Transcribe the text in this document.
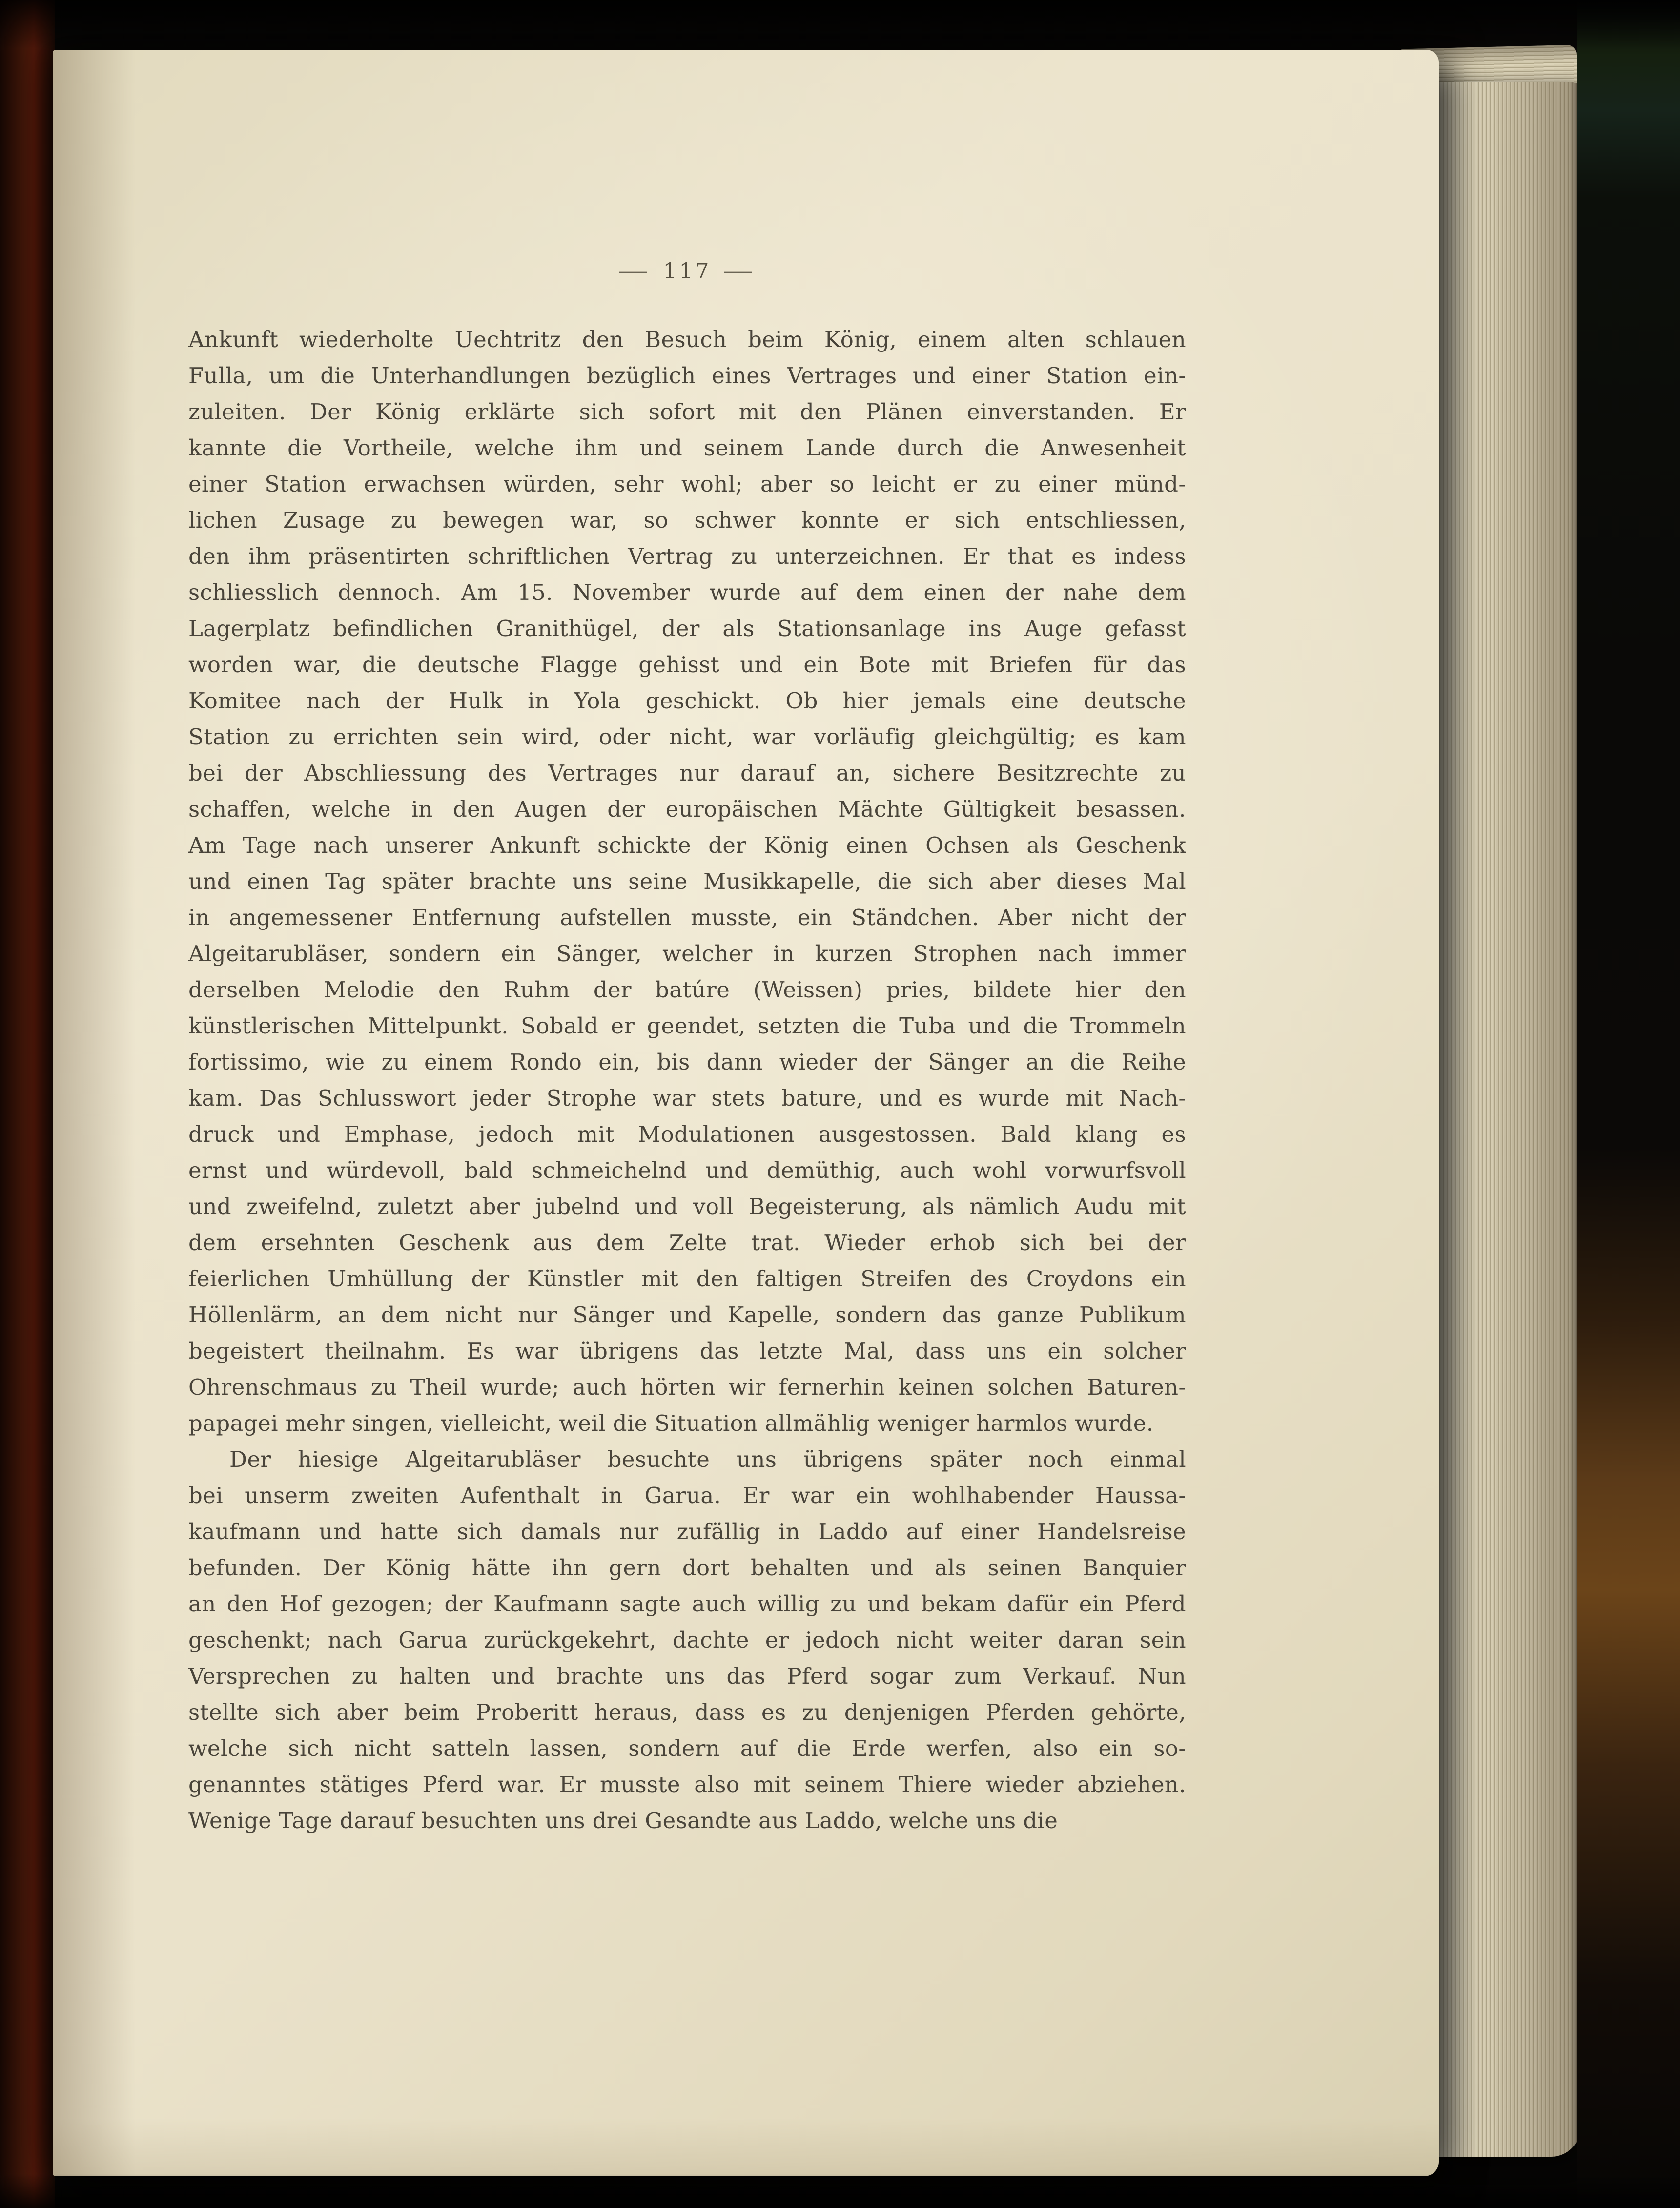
— 117 —
Ankunft wiederholte Uechtritz den Besuch beim König, einem alten schlauen
Fulla, um die Unterhandlungen bezüglich eines Vertrages und einer Station ein-
zuleiten. Der König erklärte sich sofort mit den Plänen einverstanden. Er
kannte die Vortheile, welche ihm und seinem Lande durch die Anwesenheit
einer Station erwachsen würden, sehr wohl; aber so leicht er zu einer münd-
lichen Zusage zu bewegen war, so schwer konnte er sich entschliessen,
den ihm präsentirten schriftlichen Vertrag zu unterzeichnen. Er that es indess
schliesslich dennoch. Am 15. November wurde auf dem einen der nahe dem
Lagerplatz befindlichen Granithügel, der als Stationsanlage ins Auge gefasst
worden war, die deutsche Flagge gehisst und ein Bote mit Briefen für das
Komitee nach der Hulk in Yola geschickt. Ob hier jemals eine deutsche
Station zu errichten sein wird, oder nicht, war vorläufig gleichgültig; es kam
bei der Abschliessung des Vertrages nur darauf an, sichere Besitzrechte zu
schaffen, welche in den Augen der europäischen Mächte Gültigkeit besassen.
Am Tage nach unserer Ankunft schickte der König einen Ochsen als Geschenk
und einen Tag später brachte uns seine Musikkapelle, die sich aber dieses Mal
in angemessener Entfernung aufstellen musste, ein Ständchen. Aber nicht der
Algeitarubläser, sondern ein Sänger, welcher in kurzen Strophen nach immer
derselben Melodie den Ruhm der batúre (Weissen) pries, bildete hier den
künstlerischen Mittelpunkt. Sobald er geendet, setzten die Tuba und die Trommeln
fortissimo, wie zu einem Rondo ein, bis dann wieder der Sänger an die Reihe
kam. Das Schlusswort jeder Strophe war stets bature, und es wurde mit Nach-
druck und Emphase, jedoch mit Modulationen ausgestossen. Bald klang es
ernst und würdevoll, bald schmeichelnd und demüthig, auch wohl vorwurfsvoll
und zweifelnd, zuletzt aber jubelnd und voll Begeisterung, als nämlich Audu mit
dem ersehnten Geschenk aus dem Zelte trat. Wieder erhob sich bei der
feierlichen Umhüllung der Künstler mit den faltigen Streifen des Croydons ein
Höllenlärm, an dem nicht nur Sänger und Kapelle, sondern das ganze Publikum
begeistert theilnahm. Es war übrigens das letzte Mal, dass uns ein solcher
Ohrenschmaus zu Theil wurde; auch hörten wir fernerhin keinen solchen Baturen-
papagei mehr singen, vielleicht, weil die Situation allmählig weniger harmlos wurde.
Der hiesige Algeitarubläser besuchte uns übrigens später noch einmal
bei unserm zweiten Aufenthalt in Garua. Er war ein wohlhabender Haussa-
kaufmann und hatte sich damals nur zufällig in Laddo auf einer Handelsreise
befunden. Der König hätte ihn gern dort behalten und als seinen Banquier
an den Hof gezogen; der Kaufmann sagte auch willig zu und bekam dafür ein Pferd
geschenkt; nach Garua zurückgekehrt, dachte er jedoch nicht weiter daran sein
Versprechen zu halten und brachte uns das Pferd sogar zum Verkauf. Nun
stellte sich aber beim Proberitt heraus, dass es zu denjenigen Pferden gehörte,
welche sich nicht satteln lassen, sondern auf die Erde werfen, also ein so-
genanntes stätiges Pferd war. Er musste also mit seinem Thiere wieder abziehen.
Wenige Tage darauf besuchten uns drei Gesandte aus Laddo, welche uns die
